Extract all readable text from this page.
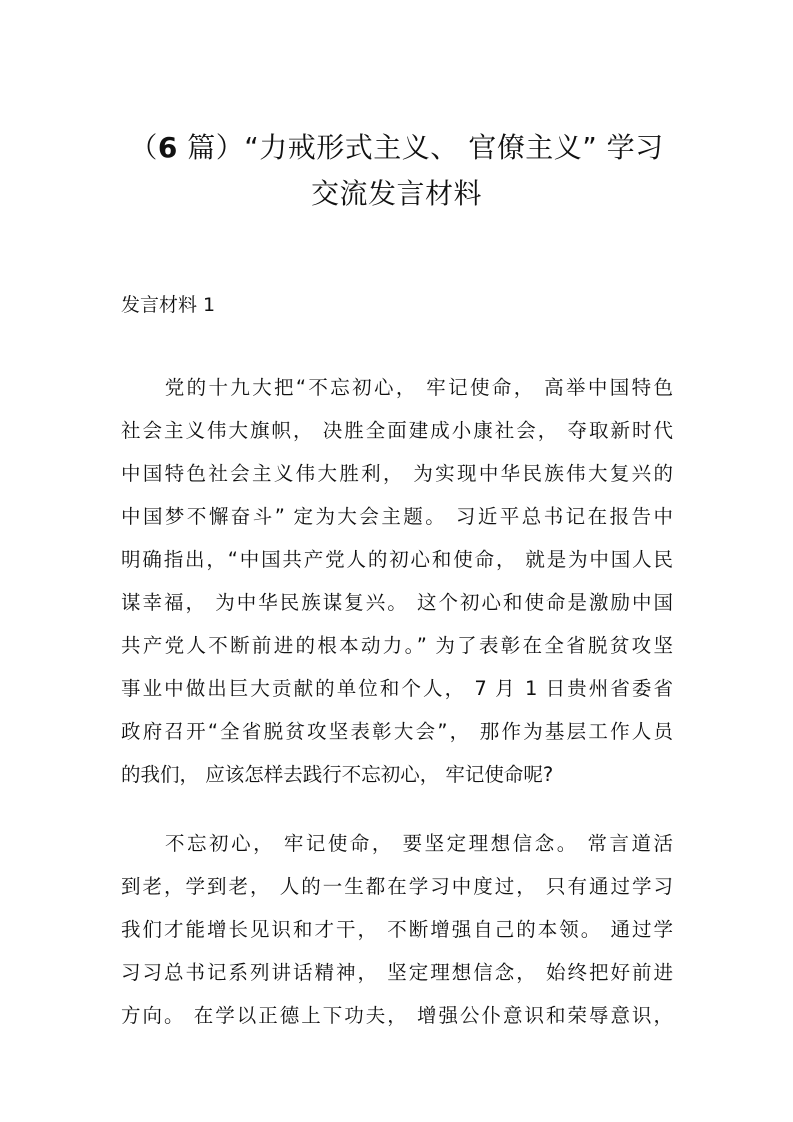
（6 篇）“力戒形式主义、 官僚主义” 学习
交流发言材料

发言材料 1

　　党的十九大把“不忘初心， 牢记使命， 高举中国特色
社会主义伟大旗帜， 决胜全面建成小康社会， 夺取新时代
中国特色社会主义伟大胜利， 为实现中华民族伟大复兴的
中国梦不懈奋斗” 定为大会主题。 习近平总书记在报告中
明确指出，“中国共产党人的初心和使命， 就是为中国人民
谋幸福， 为中华民族谋复兴。 这个初心和使命是激励中国
共产党人不断前进的根本动力。” 为了表彰在全省脱贫攻坚
事业中做出巨大贡献的单位和个人， 7 月 1 日贵州省委省
政府召开“全省脱贫攻坚表彰大会”， 那作为基层工作人员
的我们， 应该怎样去践行不忘初心， 牢记使命呢?
　　不忘初心， 牢记使命， 要坚定理想信念。 常言道活
到老，学到老， 人的一生都在学习中度过， 只有通过学习
我们才能增长见识和才干， 不断增强自己的本领。 通过学
习习总书记系列讲话精神， 坚定理想信念， 始终把好前进
方向。 在学以正德上下功夫， 增强公仆意识和荣辱意识，
